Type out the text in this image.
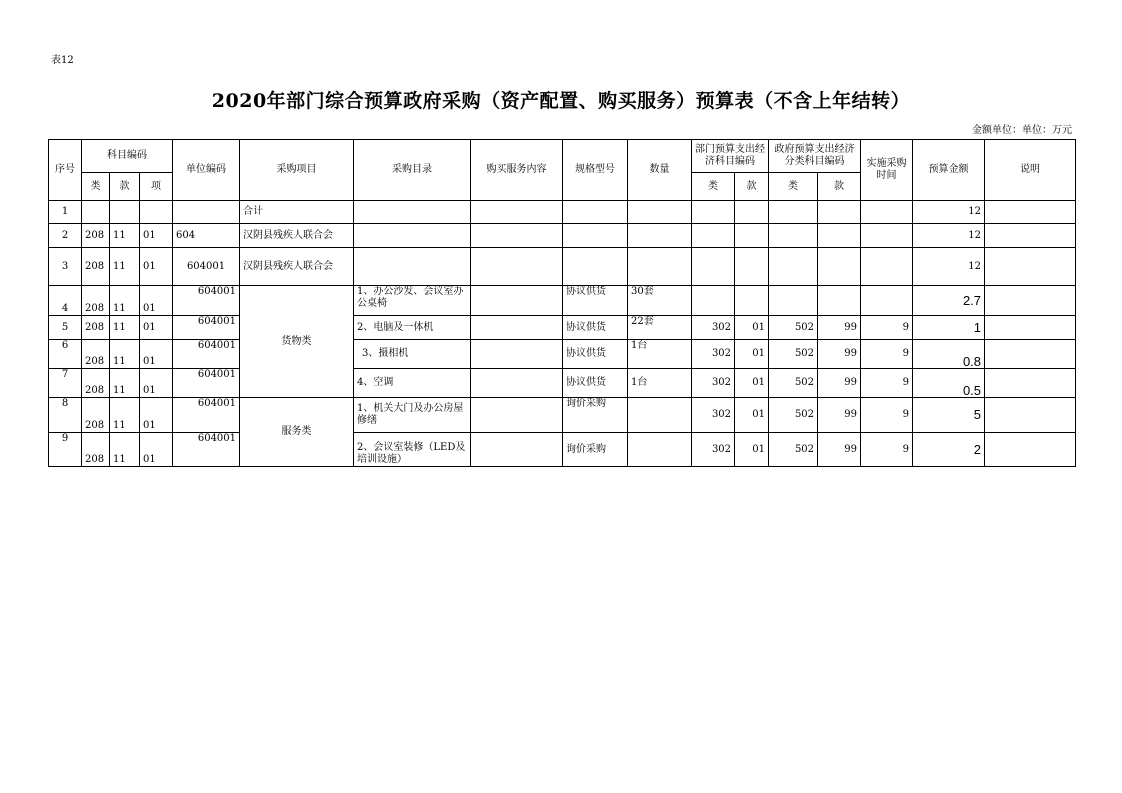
表12
2020年部门综合预算政府采购（资产配置、购买服务）预算表（不含上年结转）
金额单位：单位：万元
序号	科目编码			单位编码	采购项目	采购目录	购买服务内容	规格型号	数量	部门预算支出经济科目编码		政府预算支出经济分类科目编码		实施采购时间	预算金额	说明
	类	款	项							类	款	类	款			
1					合计										12	
2	208	11	01	604	汉阴县残疾人联合会										12	
3	208	11	01	604001	汉阴县残疾人联合会										12	
4	208	11	01	604001	货物类	1、办公沙发、会议室办公桌椅		协议供货	30套						2.7	
5	208	11	01	604001		2、电脑及一体机		协议供货	22套	302	01	502	99	9	1	
6	208	11	01	604001		3、摄相机		协议供货	1台	302	01	502	99	9	0.8	
7	208	11	01	604001		4、空调		协议供货	1台	302	01	502	99	9	0.5	
8	208	11	01	604001	服务类	1、机关大门及办公房屋修缮		询价采购		302	01	502	99	9	5	
9	208	11	01	604001		2、会议室装修（LED及培训设施）		询价采购		302	01	502	99	9	2	
